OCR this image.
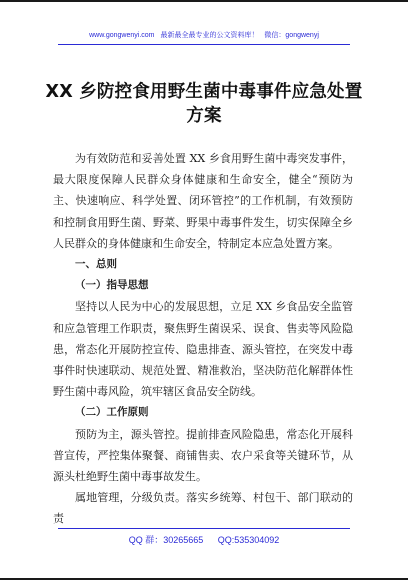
www.gongwenyi.com 最新最全最专业的公文资料库！ 微信：gongwenyj
XX 乡防控食用野生菌中毒事件应急处置
方案

为有效防范和妥善处置 XX 乡食用野生菌中毒突发事件，最大限度保障人民群众身体健康和生命安全，健全“预防为主、快速响应、科学处置、闭环管控”的工作机制，有效预防和控制食用野生菌、野菜、野果中毒事件发生，切实保障全乡人民群众的身体健康和生命安全，特制定本应急处置方案。

一、总则

（一）指导思想

坚持以人民为中心的发展思想，立足 XX 乡食品安全监管和应急管理工作职责，聚焦野生菌误采、误食、售卖等风险隐患，常态化开展防控宣传、隐患排查、源头管控，在突发中毒事件时快速联动、规范处置、精准救治，坚决防范化解群体性野生菌中毒风险，筑牢辖区食品安全防线。

（二）工作原则

预防为主，源头管控。提前排查风险隐患，常态化开展科普宣传，严控集体聚餐、商铺售卖、农户采食等关键环节，从源头杜绝野生菌中毒事故发生。

属地管理，分级负责。落实乡统筹、村包干、部门联动的责

QQ 群：30265665 QQ:535304092
